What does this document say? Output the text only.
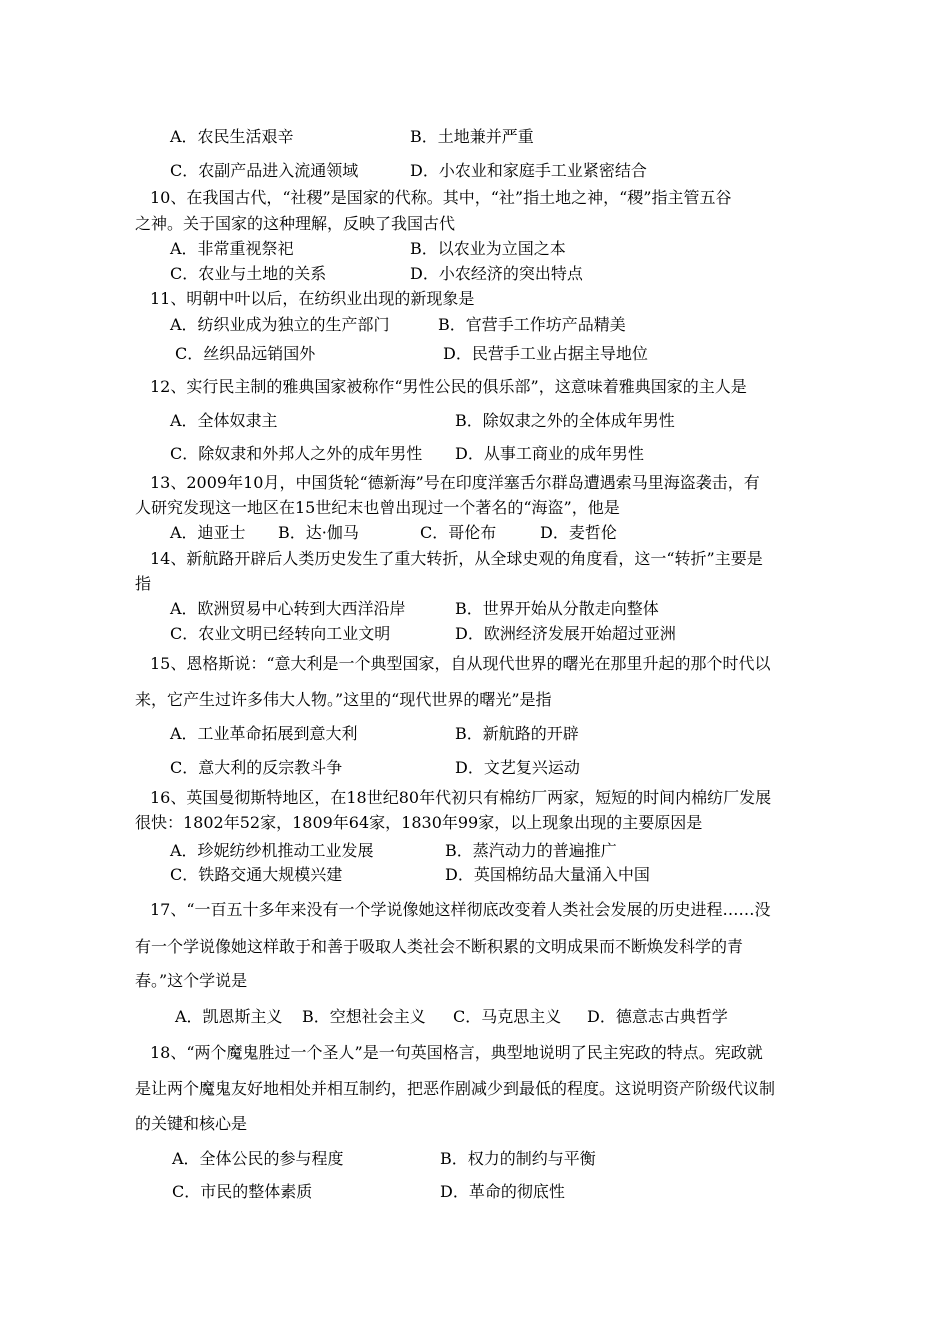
A．农民生活艰辛	B．土地兼并严重
C．农副产品进入流通领域	D．小农业和家庭手工业紧密结合
10、在我国古代，“社稷”是国家的代称。其中，“社”指土地之神，“稷”指主管五谷
之神。关于国家的这种理解，反映了我国古代
A．非常重视祭祀	B．以农业为立国之本
C．农业与土地的关系	D．小农经济的突出特点
11、明朝中叶以后，在纺织业出现的新现象是
A．纺织业成为独立的生产部门	B．官营手工作坊产品精美
C．丝织品远销国外	D．民营手工业占据主导地位
12、实行民主制的雅典国家被称作“男性公民的俱乐部”，这意味着雅典国家的主人是
A．全体奴隶主	B．除奴隶之外的全体成年男性
C．除奴隶和外邦人之外的成年男性 D．从事工商业的成年男性
13、2009年10月，中国货轮“德新海”号在印度洋塞舌尔群岛遭遇索马里海盗袭击，有
人研究发现这一地区在15世纪末也曾出现过一个著名的“海盗”，他是
A．迪亚士 B．达·伽马	C．哥伦布	D．麦哲伦
14、新航路开辟后人类历史发生了重大转折，从全球史观的角度看，这一“转折”主要是
指
A．欧洲贸易中心转到大西洋沿岸	B．世界开始从分散走向整体
C．农业文明已经转向工业文明	D．欧洲经济发展开始超过亚洲
15、恩格斯说：“意大利是一个典型国家，自从现代世界的曙光在那里升起的那个时代以
来，它产生过许多伟大人物。”这里的“现代世界的曙光”是指
A．工业革命拓展到意大利	B．新航路的开辟
C．意大利的反宗教斗争	D．文艺复兴运动
16、英国曼彻斯特地区，在18世纪80年代初只有棉纺厂两家，短短的时间内棉纺厂发展
很快：1802年52家，1809年64家，1830年99家，以上现象出现的主要原因是
A．珍妮纺纱机推动工业发展	B．蒸汽动力的普遍推广
C．铁路交通大规模兴建	D．英国棉纺品大量涌入中国
17、“一百五十多年来没有一个学说像她这样彻底改变着人类社会发展的历史进程……没
有一个学说像她这样敢于和善于吸取人类社会不断积累的文明成果而不断焕发科学的青
春。”这个学说是
A．凯恩斯主义 B．空想社会主义 C．马克思主义 D．德意志古典哲学
18、“两个魔鬼胜过一个圣人”是一句英国格言，典型地说明了民主宪政的特点。宪政就
是让两个魔鬼友好地相处并相互制约，把恶作剧减少到最低的程度。这说明资产阶级代议制
的关键和核心是
A．全体公民的参与程度	B．权力的制约与平衡
C．市民的整体素质	D．革命的彻底性
